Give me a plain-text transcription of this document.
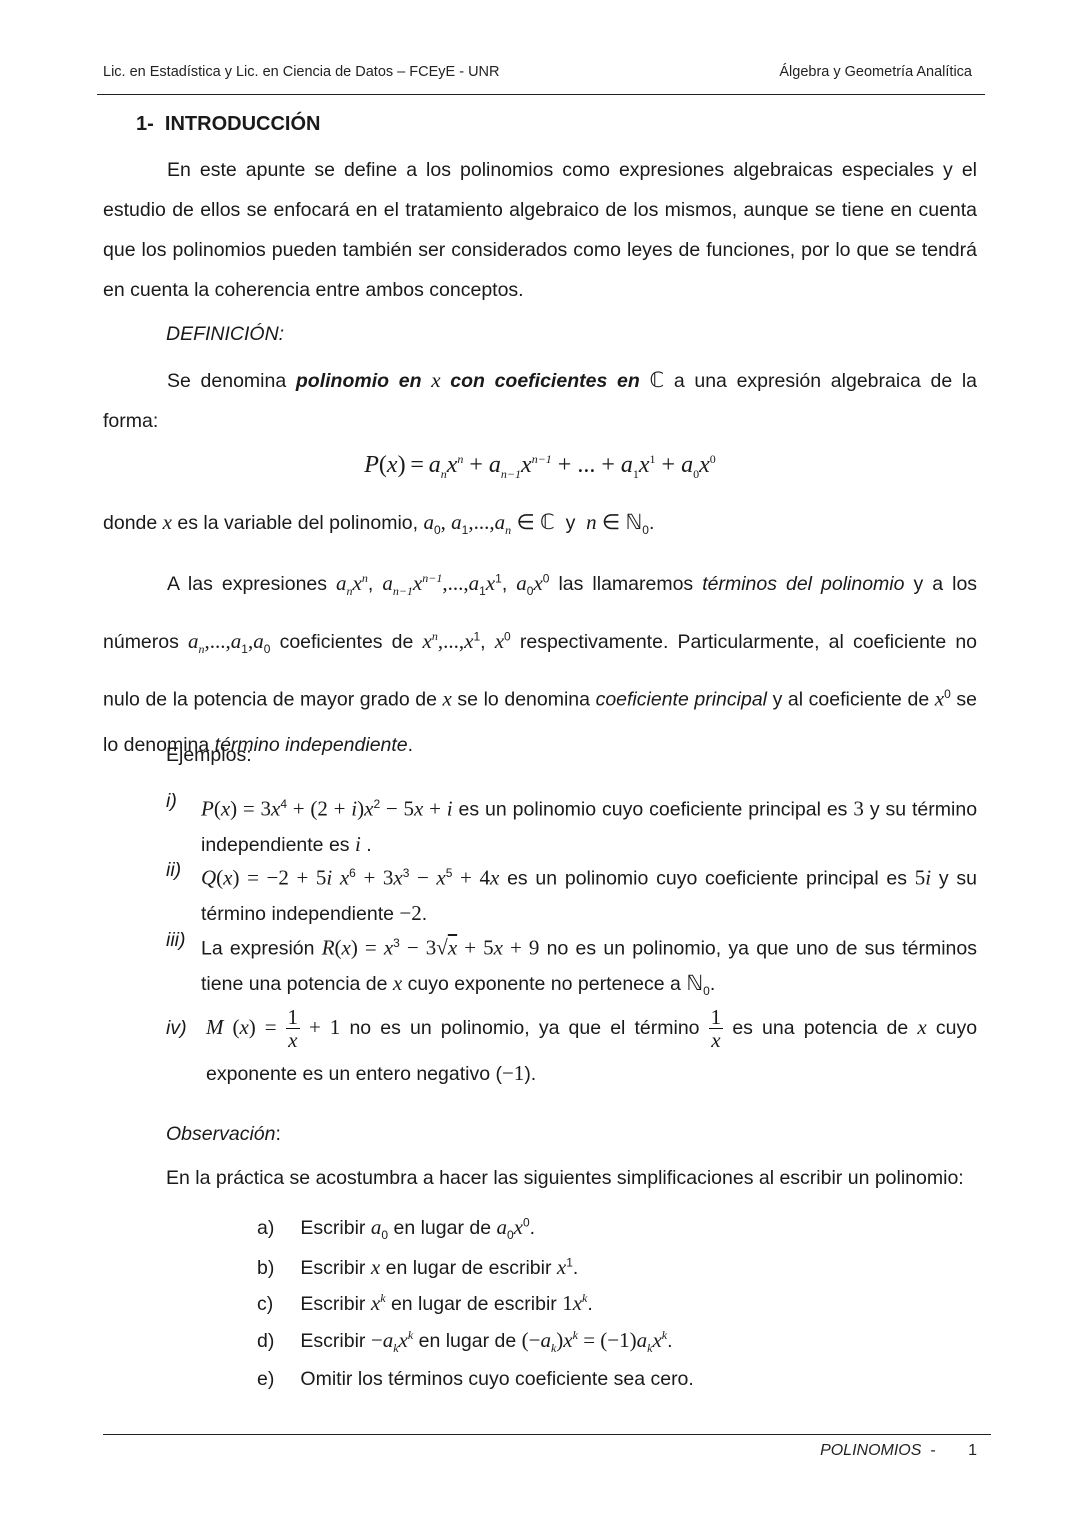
Lic. en Estadística y Lic. en Ciencia de Datos – FCEyE - UNR	Álgebra y Geometría Analítica
1- INTRODUCCIÓN
En este apunte se define a los polinomios como expresiones algebraicas especiales y el estudio de ellos se enfocará en el tratamiento algebraico de los mismos, aunque se tiene en cuenta que los polinomios pueden también ser considerados como leyes de funciones, por lo que se tendrá en cuenta la coherencia entre ambos conceptos.
DEFINICIÓN:
Se denomina polinomio en x con coeficientes en ℂ a una expresión algebraica de la forma:
$P(x) = a_nx^n + a_{n-1}x^{n-1}$ + ... + $a_1x^1 + a_0x^0$
donde x es la variable del polinomio, $a_0$, $a_1,...,a_n$ ∈ ℂ y n ∈ ℕ$_0$.
A las expresiones $a_nx^n$, $a_{n-1}x^{n-1},...,a_1x^1$, $a_0x^0$ las llamaremos términos del polinomio y a los números $a_n,...,a_1,a_0$ coeficientes de $x^n,...,x^1$, $x^0$ respectivamente. Particularmente, al coeficiente no nulo de la potencia de mayor grado de x se lo denomina coeficiente principal y al coeficiente de $x^0$ se lo denomina término independiente.
Ejemplos:
i) $P(x) = 3x^4 + (2 + i)x^2 - 5x + i$ es un polinomio cuyo coeficiente principal es 3 y su término independiente es i .
ii) Q(x) = −2 + 5i $x^6 + 3x^3 - x^5 + 4x$ es un polinomio cuyo coeficiente principal es 5i y su término independiente −2.
iii) La expresión $R(x) = x^3 - 3√x + 5x + 9$ no es un polinomio, ya que uno de sus términos tiene una potencia de x cuyo exponente no pertenece a ℕ$_0$.
iv) M $(x) = \frac{1}{x} + 1$ no es un polinomio, ya que el término $\frac{1}{x}$ es una potencia de x cuyo exponente es un entero negativo (−1).
Observación:
En la práctica se acostumbra a hacer las siguientes simplificaciones al escribir un polinomio:
a) Escribir $a_0$ en lugar de $a_0x^0$.
b) Escribir x en lugar de escribir $x^1$.
c) Escribir $x^k$ en lugar de escribir $1x^k$.
d) Escribir $-a_kx^k$ en lugar de $(-a_k)x^k = (-1)a_kx^k$.
e) Omitir los términos cuyo coeficiente sea cero.
POLINOMIOS - 1
